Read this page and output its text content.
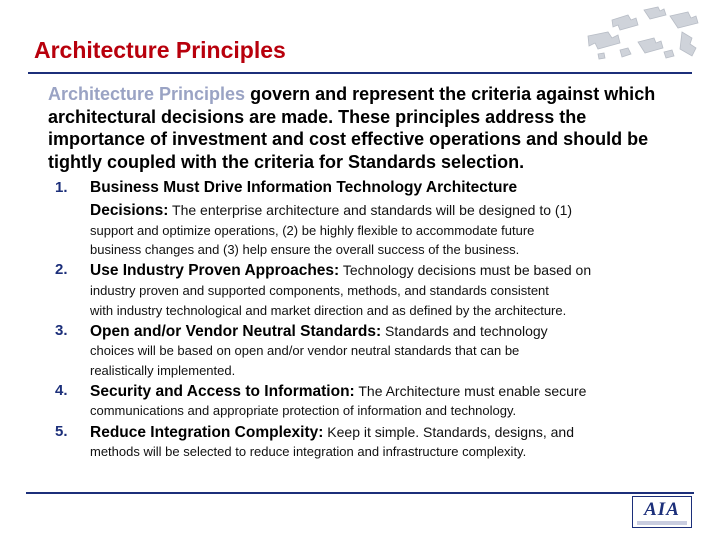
Architecture Principles
Architecture Principles govern and represent the criteria against which architectural decisions are made. These principles address the importance of investment and cost effective operations and should be tightly coupled with the criteria for Standards selection.
1. Business Must Drive Information Technology Architecture
Decisions: The enterprise architecture and standards will be designed to (1)
support and optimize operations, (2) be highly flexible to accommodate future
business changes and (3) help ensure the overall success of the business.
2. Use Industry Proven Approaches: Technology decisions must be based on
industry proven and supported components, methods, and standards consistent
with industry technological and market direction and as defined by the architecture.
3. Open and/or Vendor Neutral Standards: Standards and technology
choices will be based on open and/or vendor neutral standards that can be
realistically implemented.
4. Security and Access to Information: The Architecture must enable secure
communications and appropriate protection of information and technology.
5. Reduce Integration Complexity: Keep it simple. Standards, designs, and
methods will be selected to reduce integration and infrastructure complexity.
AIA
